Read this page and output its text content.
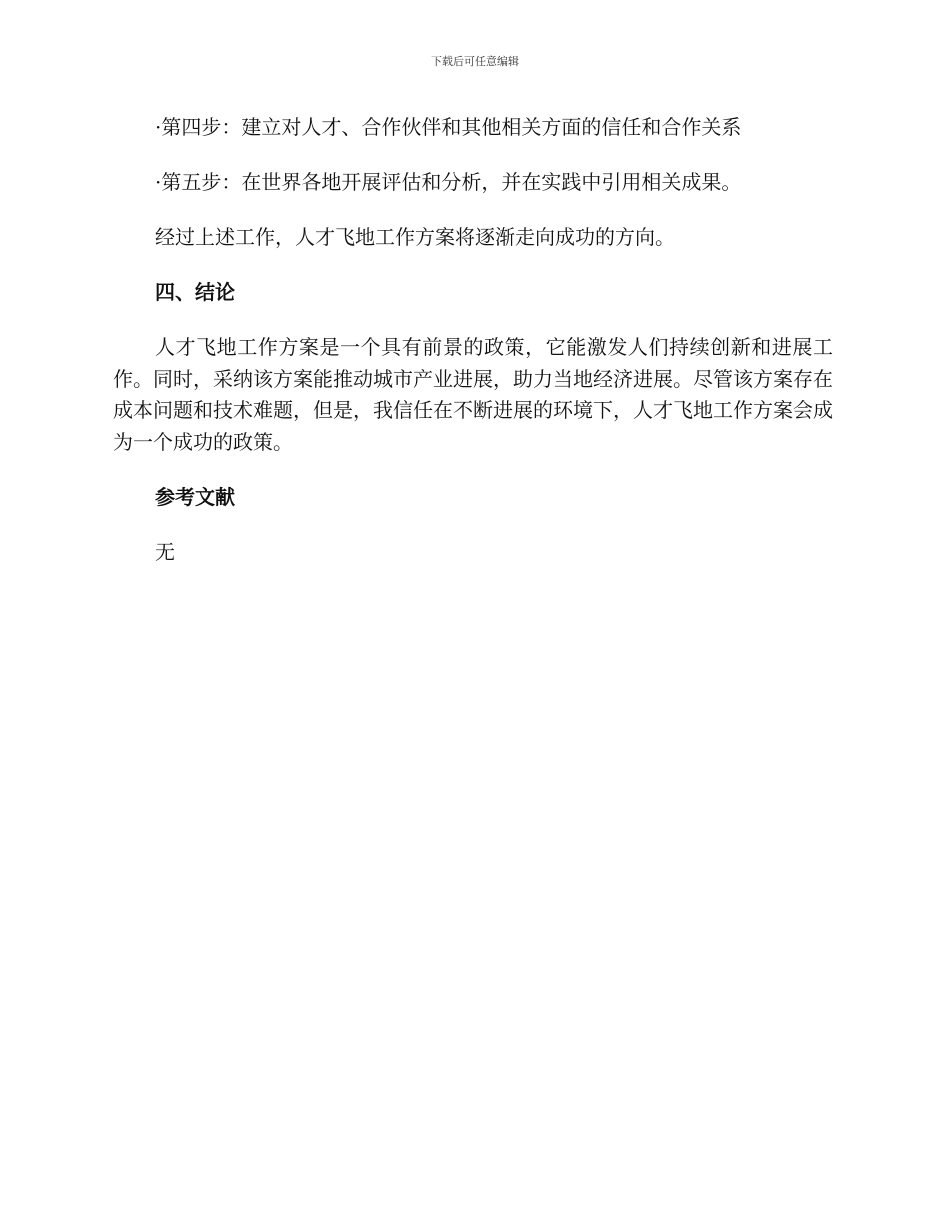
下载后可任意编辑

·第四步：建立对人才、合作伙伴和其他相关方面的信任和合作关系

·第五步：在世界各地开展评估和分析，并在实践中引用相关成果。

经过上述工作，人才飞地工作方案将逐渐走向成功的方向。

四、结论

人才飞地工作方案是一个具有前景的政策，它能激发人们持续创新和进展工作。同时，采纳该方案能推动城市产业进展，助力当地经济进展。尽管该方案存在成本问题和技术难题，但是，我信任在不断进展的环境下，人才飞地工作方案会成为一个成功的政策。

参考文献

无
